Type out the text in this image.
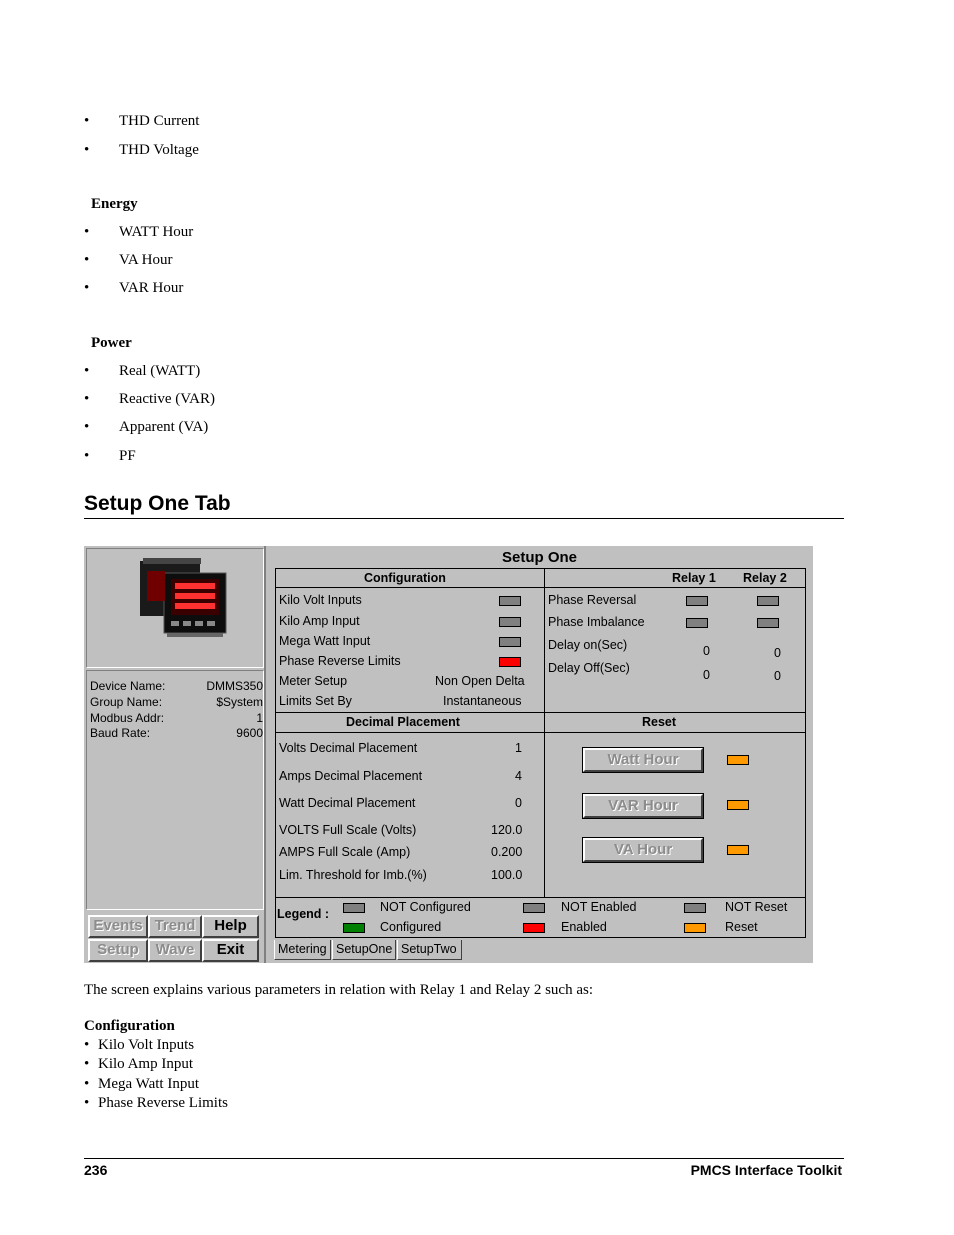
• THD Current
• THD Voltage
Energy
• WATT Hour
• VA Hour
• VAR Hour
Power
• Real (WATT)
• Reactive (VAR)
• Apparent (VA)
• PF
Setup One Tab
Device Name:	DMMS350
Group Name:	$System
Modbus Addr:	1
Baud Rate:	9600
Events Trend	Help
Setup	Wave	Exit
Setup One
Configuration	Relay 1 Relay 2
Kilo Volt Inputs
Kilo Amp Input
Mega Watt Input
Phase Reverse Limits
Meter Setup	Non Open Delta
Limits Set By	Instantaneous
Phase Reversal
Phase Imbalance
Delay on(Sec)	0	0
Delay Off(Sec)	0	0
Decimal Placement
Volts Decimal Placement	1
Amps Decimal Placement	4
Watt Decimal Placement	0
VOLTS Full Scale (Volts)	120.0
AMPS Full Scale (Amp)	0.200
Lim. Threshold for Imb.(%)	100.0
Reset
Watt Hour
VAR Hour
VA Hour
Legend :	NOT Configured
Configured
NOT Enabled
Enabled
NOT Reset
Reset
Metering SetupOne SetupTwo
The screen explains various parameters in relation with Relay 1 and Relay 2 such as:
Configuration
• Kilo Volt Inputs
• Kilo Amp Input
• Mega Watt Input
• Phase Reverse Limits
236	PMCS Interface Toolkit
